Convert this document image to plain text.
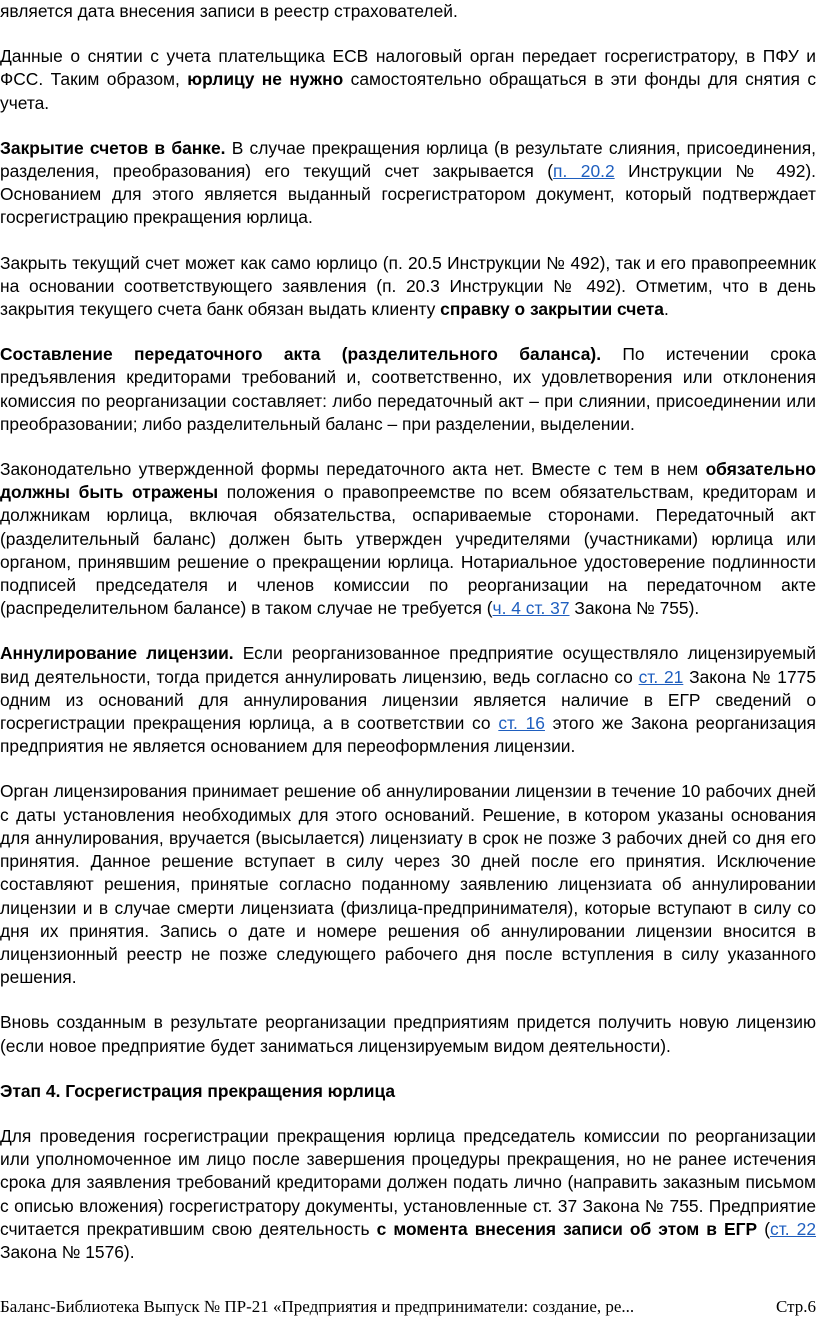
является дата внесения записи в реестр страхователей.

Данные о снятии с учета плательщика ЕСВ налоговый орган передает госрегистратору, в ПФУ и ФСС. Таким образом, юрлицу не нужно самостоятельно обращаться в эти фонды для снятия с учета.

Закрытие счетов в банке. В случае прекращения юрлица (в результате слияния, присоединения, разделения, преобразования) его текущий счет закрывается (п. 20.2 Инструкции № 492). Основанием для этого является выданный госрегистратором документ, который подтверждает госрегистрацию прекращения юрлица.

Закрыть текущий счет может как само юрлицо (п. 20.5 Инструкции № 492), так и его правопреемник на основании соответствующего заявления (п. 20.3 Инструкции № 492). Отметим, что в день закрытия текущего счета банк обязан выдать клиенту справку о закрытии счета.

Составление передаточного акта (разделительного баланса). По истечении срока предъявления кредиторами требований и, соответственно, их удовлетворения или отклонения комиссия по реорганизации составляет: либо передаточный акт – при слиянии, присоединении или преобразовании; либо разделительный баланс – при разделении, выделении.

Законодательно утвержденной формы передаточного акта нет. Вместе с тем в нем обязательно должны быть отражены положения о правопреемстве по всем обязательствам, кредиторам и должникам юрлица, включая обязательства, оспариваемые сторонами. Передаточный акт (разделительный баланс) должен быть утвержден учредителями (участниками) юрлица или органом, принявшим решение о прекращении юрлица. Нотариальное удостоверение подлинности подписей председателя и членов комиссии по реорганизации на передаточном акте (распределительном балансе) в таком случае не требуется (ч. 4 ст. 37 Закона № 755).

Аннулирование лицензии. Если реорганизованное предприятие осуществляло лицензируемый вид деятельности, тогда придется аннулировать лицензию, ведь согласно со ст. 21 Закона № 1775 одним из оснований для аннулирования лицензии является наличие в ЕГР сведений о госрегистрации прекращения юрлица, а в соответствии со ст. 16 этого же Закона реорганизация предприятия не является основанием для переоформления лицензии.

Орган лицензирования принимает решение об аннулировании лицензии в течение 10 рабочих дней с даты установления необходимых для этого оснований. Решение, в котором указаны основания для аннулирования, вручается (высылается) лицензиату в срок не позже 3 рабочих дней со дня его принятия. Данное решение вступает в силу через 30 дней после его принятия. Исключение составляют решения, принятые согласно поданному заявлению лицензиата об аннулировании лицензии и в случае смерти лицензиата (физлица-предпринимателя), которые вступают в силу со дня их принятия. Запись о дате и номере решения об аннулировании лицензии вносится в лицензионный реестр не позже следующего рабочего дня после вступления в силу указанного решения.

Вновь созданным в результате реорганизации предприятиям придется получить новую лицензию (если новое предприятие будет заниматься лицензируемым видом деятельности).

Этап 4. Госрегистрация прекращения юрлица

Для проведения госрегистрации прекращения юрлица председатель комиссии по реорганизации или уполномоченное им лицо после завершения процедуры прекращения, но не ранее истечения срока для заявления требований кредиторами должен подать лично (направить заказным письмом с описью вложения) госрегистратору документы, установленные ст. 37 Закона № 755. Предприятие считается прекратившим свою деятельность с момента внесения записи об этом в ЕГР (ст. 22 Закона № 1576).

Баланс-Библиотека Выпуск № ПР-21 «Предприятия и предприниматели: создание, ре...	Стр.6
